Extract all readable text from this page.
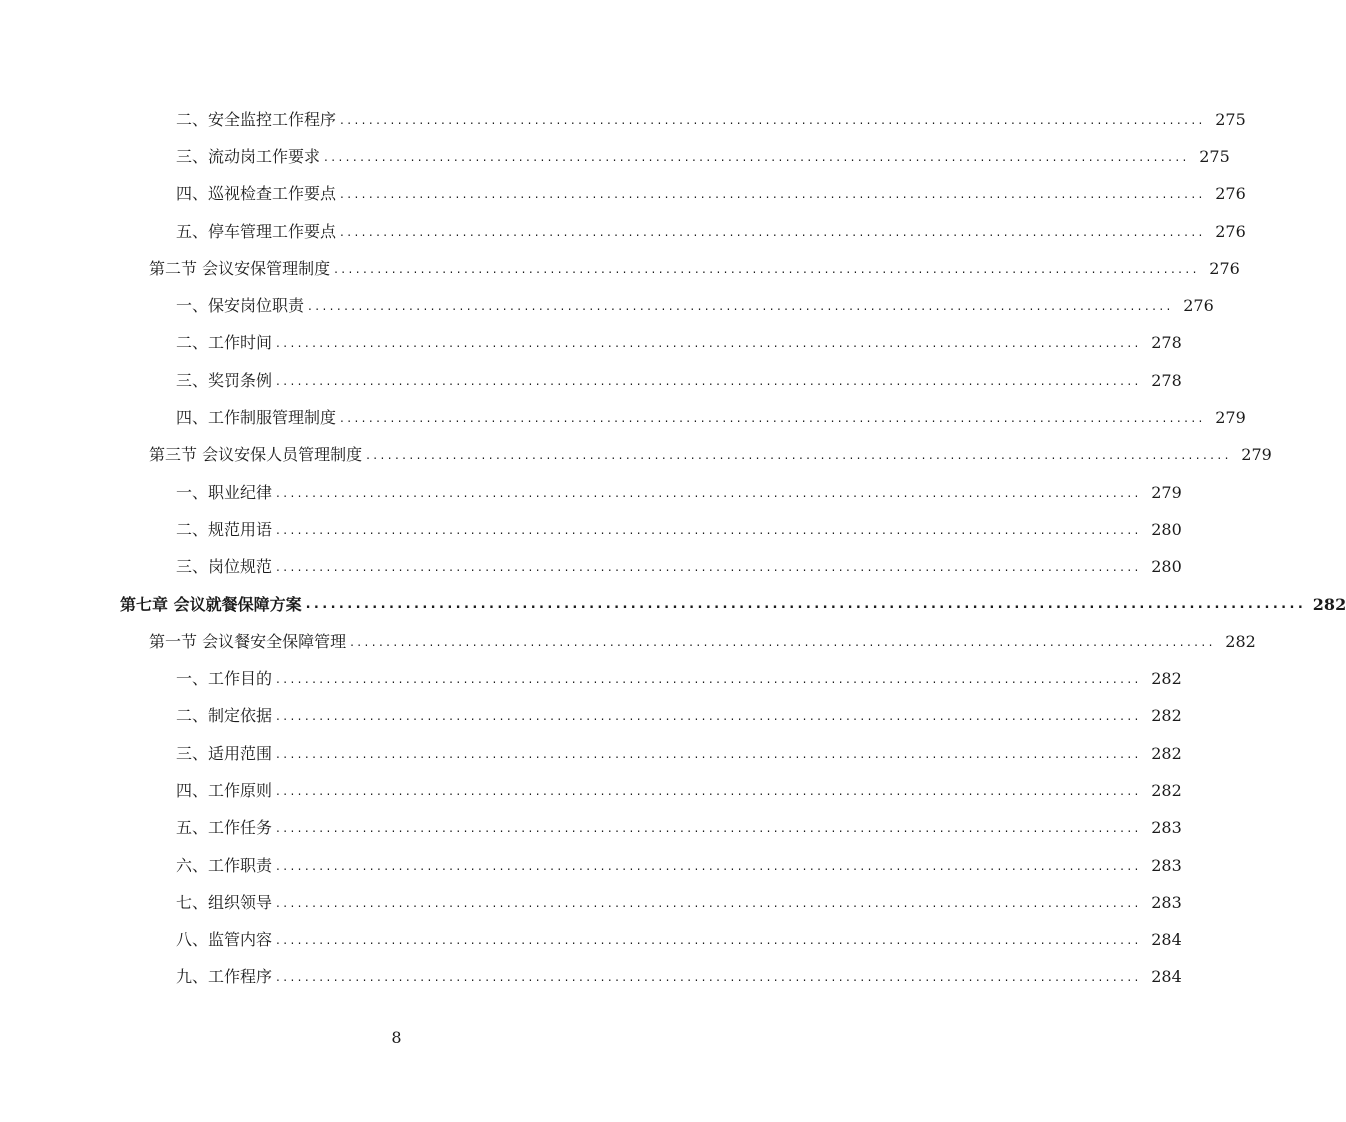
二、安全监控工作程序 ........................................................................................................................ 275
三、流动岗工作要求 ........................................................................................................................ 275
四、巡视检查工作要点 ........................................................................................................................ 276
五、停车管理工作要点 ........................................................................................................................ 276
第二节 会议安保管理制度 ........................................................................................................................ 276
一、保安岗位职责 ........................................................................................................................ 276
二、工作时间 ........................................................................................................................ 278
三、奖罚条例 ........................................................................................................................ 278
四、工作制服管理制度 ........................................................................................................................ 279
第三节 会议安保人员管理制度 ........................................................................................................................ 279
一、职业纪律 ........................................................................................................................ 279
二、规范用语 ........................................................................................................................ 280
三、岗位规范 ........................................................................................................................ 280
第七章 会议就餐保障方案 ........................................................................................................................ 282
第一节 会议餐安全保障管理 ........................................................................................................................ 282
一、工作目的 ........................................................................................................................ 282
二、制定依据 ........................................................................................................................ 282
三、适用范围 ........................................................................................................................ 282
四、工作原则 ........................................................................................................................ 282
五、工作任务 ........................................................................................................................ 283
六、工作职责 ........................................................................................................................ 283
七、组织领导 ........................................................................................................................ 283
八、监管内容 ........................................................................................................................ 284
九、工作程序 ........................................................................................................................ 284
8
